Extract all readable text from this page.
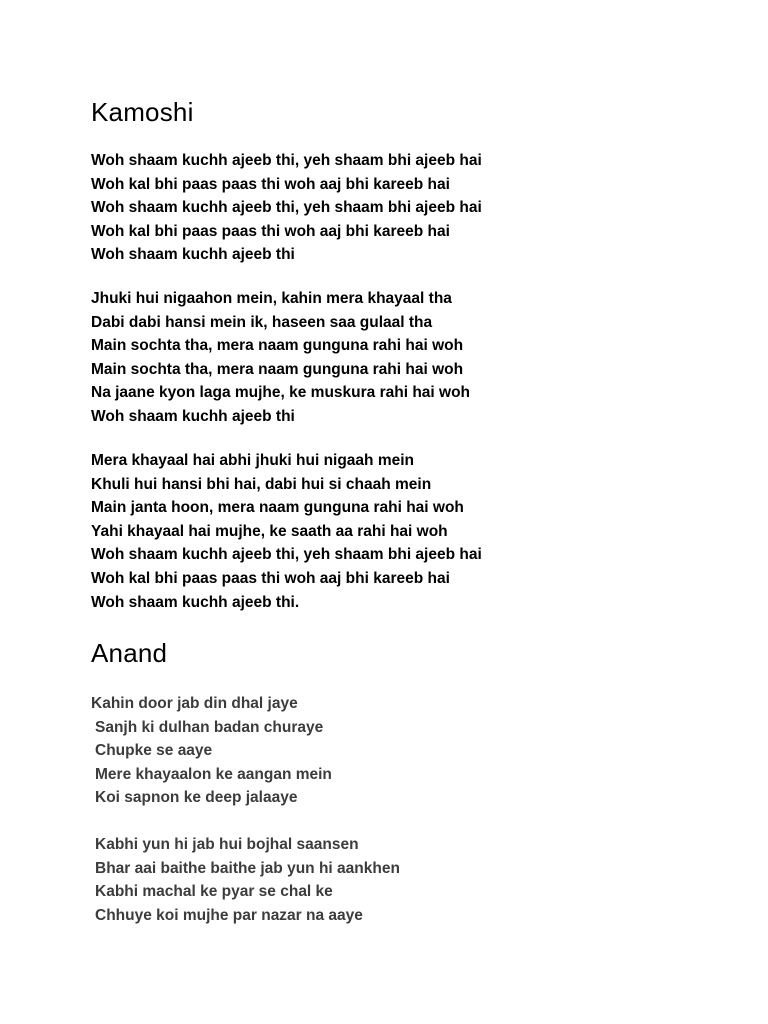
Kamoshi
Woh shaam kuchh ajeeb thi, yeh shaam bhi ajeeb hai
Woh kal bhi paas paas thi woh aaj bhi kareeb hai
Woh shaam kuchh ajeeb thi, yeh shaam bhi ajeeb hai
Woh kal bhi paas paas thi woh aaj bhi kareeb hai
Woh shaam kuchh ajeeb thi
Jhuki hui nigaahon mein, kahin mera khayaal tha
Dabi dabi hansi mein ik, haseen saa gulaal tha
Main sochta tha, mera naam gunguna rahi hai woh
Main sochta tha, mera naam gunguna rahi hai woh
Na jaane kyon laga mujhe, ke muskura rahi hai woh
Woh shaam kuchh ajeeb thi
Mera khayaal hai abhi jhuki hui nigaah mein
Khuli hui hansi bhi hai, dabi hui si chaah mein
Main janta hoon, mera naam gunguna rahi hai woh
Yahi khayaal hai mujhe, ke saath aa rahi hai woh
Woh shaam kuchh ajeeb thi, yeh shaam bhi ajeeb hai
Woh kal bhi paas paas thi woh aaj bhi kareeb hai
Woh shaam kuchh ajeeb thi.
Anand
Kahin door jab din dhal jaye
Sanjh ki dulhan badan churaye
Chupke se aaye
Mere khayaalon ke aangan mein
Koi sapnon ke deep jalaaye
Kabhi yun hi jab hui bojhal saansen
Bhar aai baithe baithe jab yun hi aankhen
Kabhi machal ke pyar se chal ke
Chhuye koi mujhe par nazar na aaye
